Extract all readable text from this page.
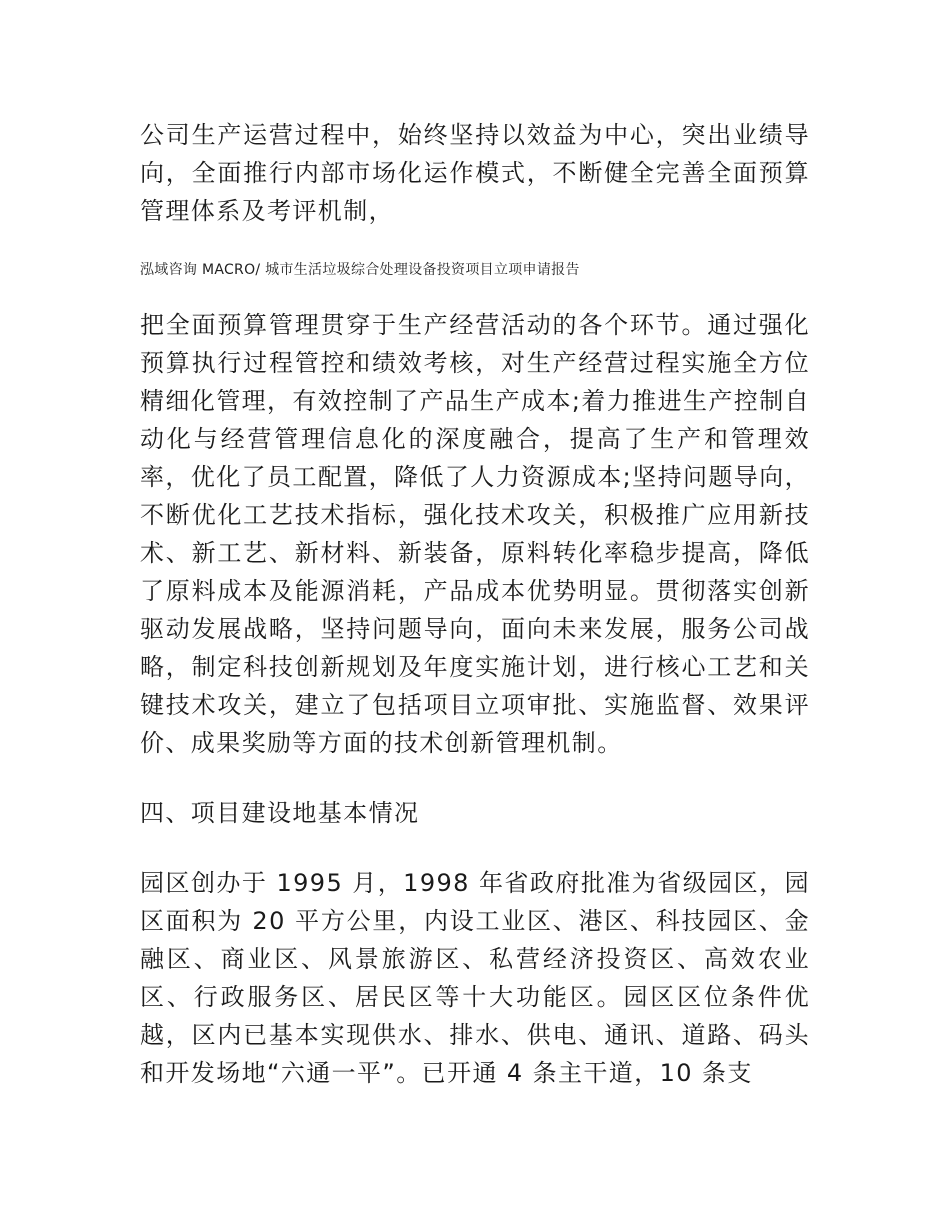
公司生产运营过程中，始终坚持以效益为中心，突出业绩导向，全面推行内部市场化运作模式，不断健全完善全面预算管理体系及考评机制，

泓域咨询 MACRO/ 城市生活垃圾综合处理设备投资项目立项申请报告

把全面预算管理贯穿于生产经营活动的各个环节。通过强化预算执行过程管控和绩效考核，对生产经营过程实施全方位精细化管理，有效控制了产品生产成本;着力推进生产控制自动化与经营管理信息化的深度融合，提高了生产和管理效率，优化了员工配置，降低了人力资源成本;坚持问题导向，不断优化工艺技术指标，强化技术攻关，积极推广应用新技术、新工艺、新材料、新装备，原料转化率稳步提高，降低了原料成本及能源消耗，产品成本优势明显。贯彻落实创新驱动发展战略，坚持问题导向，面向未来发展，服务公司战略，制定科技创新规划及年度实施计划，进行核心工艺和关键技术攻关，建立了包括项目立项审批、实施监督、效果评价、成果奖励等方面的技术创新管理机制。

四、项目建设地基本情况

园区创办于 1995 月，1998 年省政府批准为省级园区，园区面积为 20 平方公里，内设工业区、港区、科技园区、金融区、商业区、风景旅游区、私营经济投资区、高效农业区、行政服务区、居民区等十大功能区。园区区位条件优越，区内已基本实现供水、排水、供电、通讯、道路、码头和开发场地“六通一平”。已开通 4 条主干道，10 条支
